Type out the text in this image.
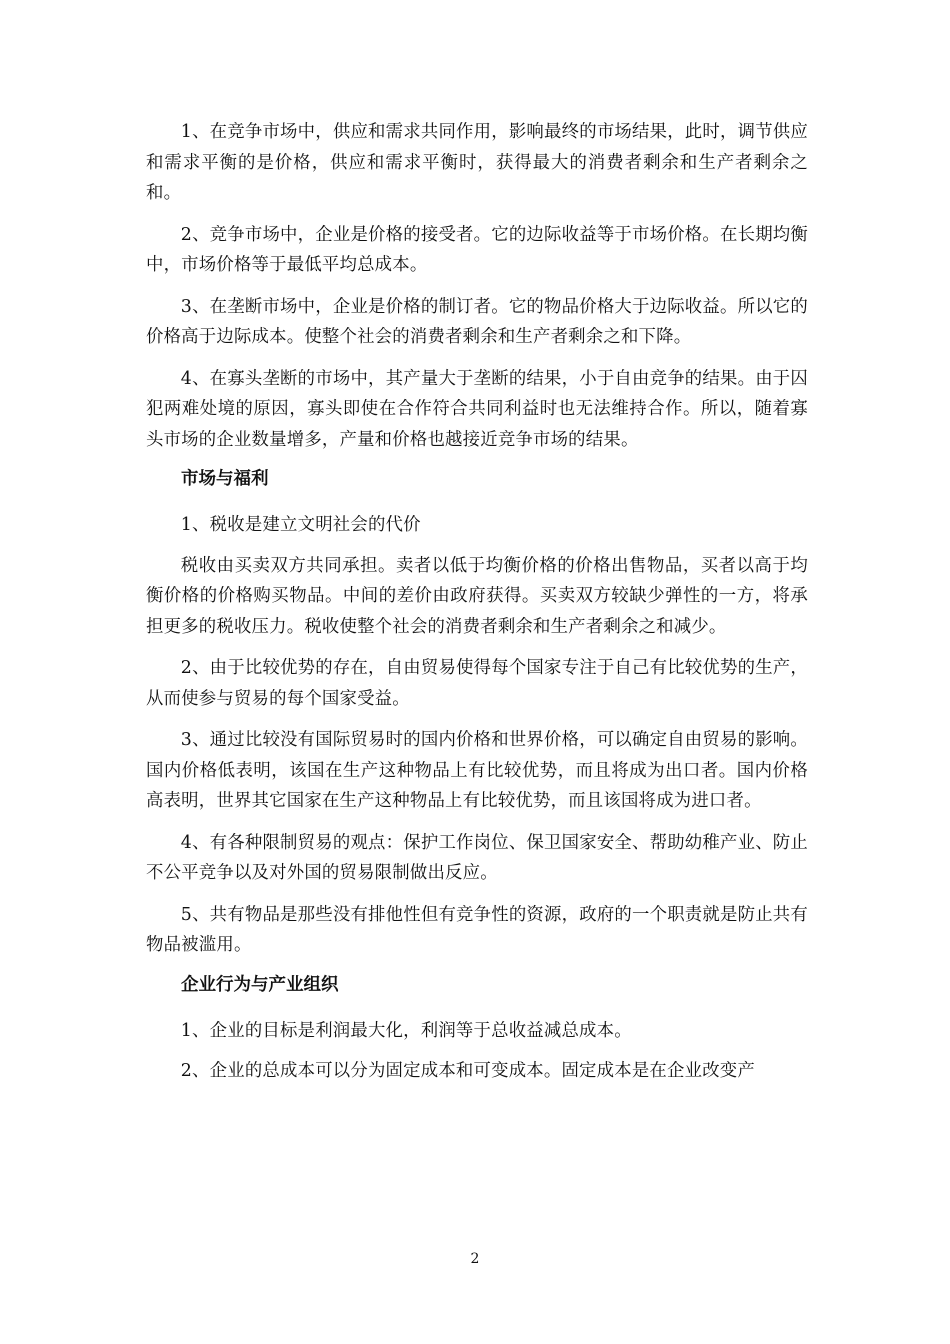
1、在竞争市场中，供应和需求共同作用，影响最终的市场结果，此时，调节供应和需求平衡的是价格，供应和需求平衡时，获得最大的消费者剩余和生产者剩余之和。

2、竞争市场中，企业是价格的接受者。它的边际收益等于市场价格。在长期均衡中，市场价格等于最低平均总成本。

3、在垄断市场中，企业是价格的制订者。它的物品价格大于边际收益。所以它的价格高于边际成本。使整个社会的消费者剩余和生产者剩余之和下降。

4、在寡头垄断的市场中，其产量大于垄断的结果，小于自由竞争的结果。由于囚犯两难处境的原因，寡头即使在合作符合共同利益时也无法维持合作。所以，随着寡头市场的企业数量增多，产量和价格也越接近竞争市场的结果。

市场与福利

1、税收是建立文明社会的代价

税收由买卖双方共同承担。卖者以低于均衡价格的价格出售物品，买者以高于均衡价格的价格购买物品。中间的差价由政府获得。买卖双方较缺少弹性的一方，将承担更多的税收压力。税收使整个社会的消费者剩余和生产者剩余之和减少。

2、由于比较优势的存在，自由贸易使得每个国家专注于自己有比较优势的生产，从而使参与贸易的每个国家受益。

3、通过比较没有国际贸易时的国内价格和世界价格，可以确定自由贸易的影响。国内价格低表明，该国在生产这种物品上有比较优势，而且将成为出口者。国内价格高表明，世界其它国家在生产这种物品上有比较优势，而且该国将成为进口者。

4、有各种限制贸易的观点：保护工作岗位、保卫国家安全、帮助幼稚产业、防止不公平竞争以及对外国的贸易限制做出反应。

5、共有物品是那些没有排他性但有竞争性的资源，政府的一个职责就是防止共有物品被滥用。

企业行为与产业组织

1、企业的目标是利润最大化，利润等于总收益减总成本。

2、企业的总成本可以分为固定成本和可变成本。固定成本是在企业改变产

2
